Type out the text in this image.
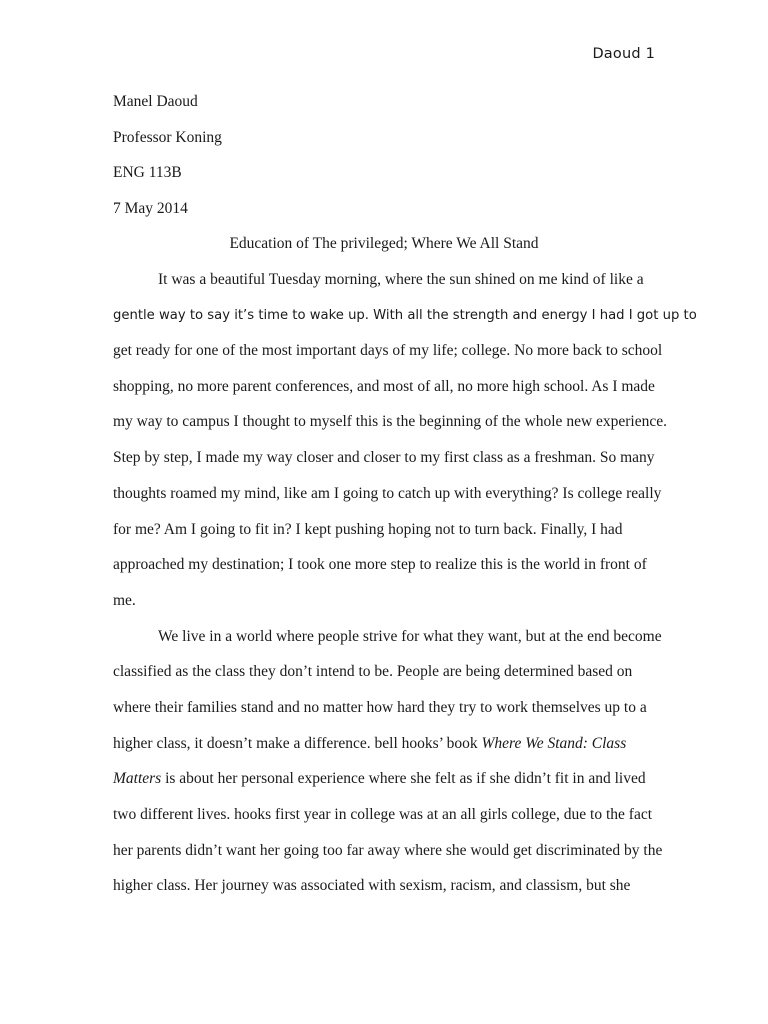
Daoud 1
Manel Daoud
Professor Koning
ENG 113B
7 May 2014
Education of The privileged; Where We All Stand
It was a beautiful Tuesday morning, where the sun shined on me kind of like a
gentle way to say it’s time to wake up. With all the strength and energy I had I got up to
get ready for one of the most important days of my life; college. No more back to school
shopping, no more parent conferences, and most of all, no more high school. As I made
my way to campus I thought to myself this is the beginning of the whole new experience.
Step by step, I made my way closer and closer to my first class as a freshman. So many
thoughts roamed my mind, like am I going to catch up with everything? Is college really
for me? Am I going to fit in? I kept pushing hoping not to turn back. Finally, I had
approached my destination; I took one more step to realize this is the world in front of
me.
We live in a world where people strive for what they want, but at the end become
classified as the class they don’t intend to be. People are being determined based on
where their families stand and no matter how hard they try to work themselves up to a
higher class, it doesn’t make a difference. bell hooks’ book Where We Stand: Class
Matters is about her personal experience where she felt as if she didn’t fit in and lived
two different lives. hooks first year in college was at an all girls college, due to the fact
her parents didn’t want her going too far away where she would get discriminated by the
higher class. Her journey was associated with sexism, racism, and classism, but she
